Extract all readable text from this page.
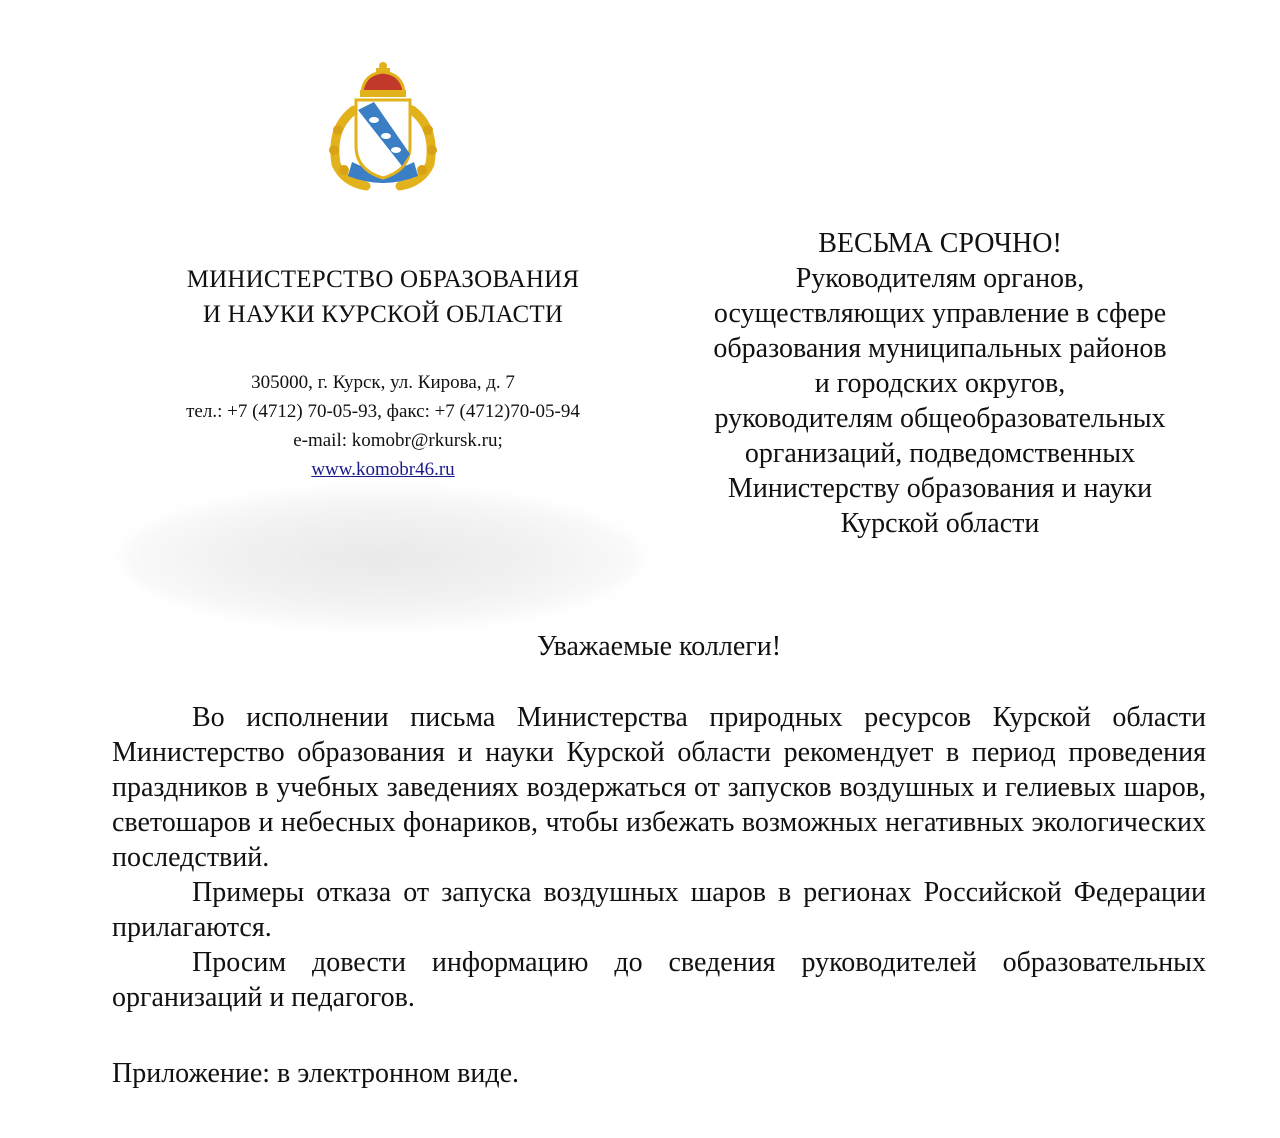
МИНИСТЕРСТВО ОБРАЗОВАНИЯ
И НАУКИ КУРСКОЙ ОБЛАСТИ
305000, г. Курск, ул. Кирова, д. 7
тел.: +7 (4712) 70-05-93, факс: +7 (4712)70-05-94
e-mail: komobr@rkursk.ru;
www.komobr46.ru
ВЕСЬМА СРОЧНО!
Руководителям органов,
осуществляющих управление в сфере
образования муниципальных районов
и городских округов,
руководителям общеобразовательных
организаций, подведомственных
Министерству образования и науки
Курской области
Уважаемые коллеги!

Во исполнении письма Министерства природных ресурсов Курской области Министерство образования и науки Курской области рекомендует в период проведения праздников в учебных заведениях воздержаться от запусков воздушных и гелиевых шаров, светошаров и небесных фонариков, чтобы избежать возможных негативных экологических последствий.

Примеры отказа от запуска воздушных шаров в регионах Российской Федерации прилагаются.

Просим довести информацию до сведения руководителей образовательных организаций и педагогов.

Приложение: в электронном виде.
